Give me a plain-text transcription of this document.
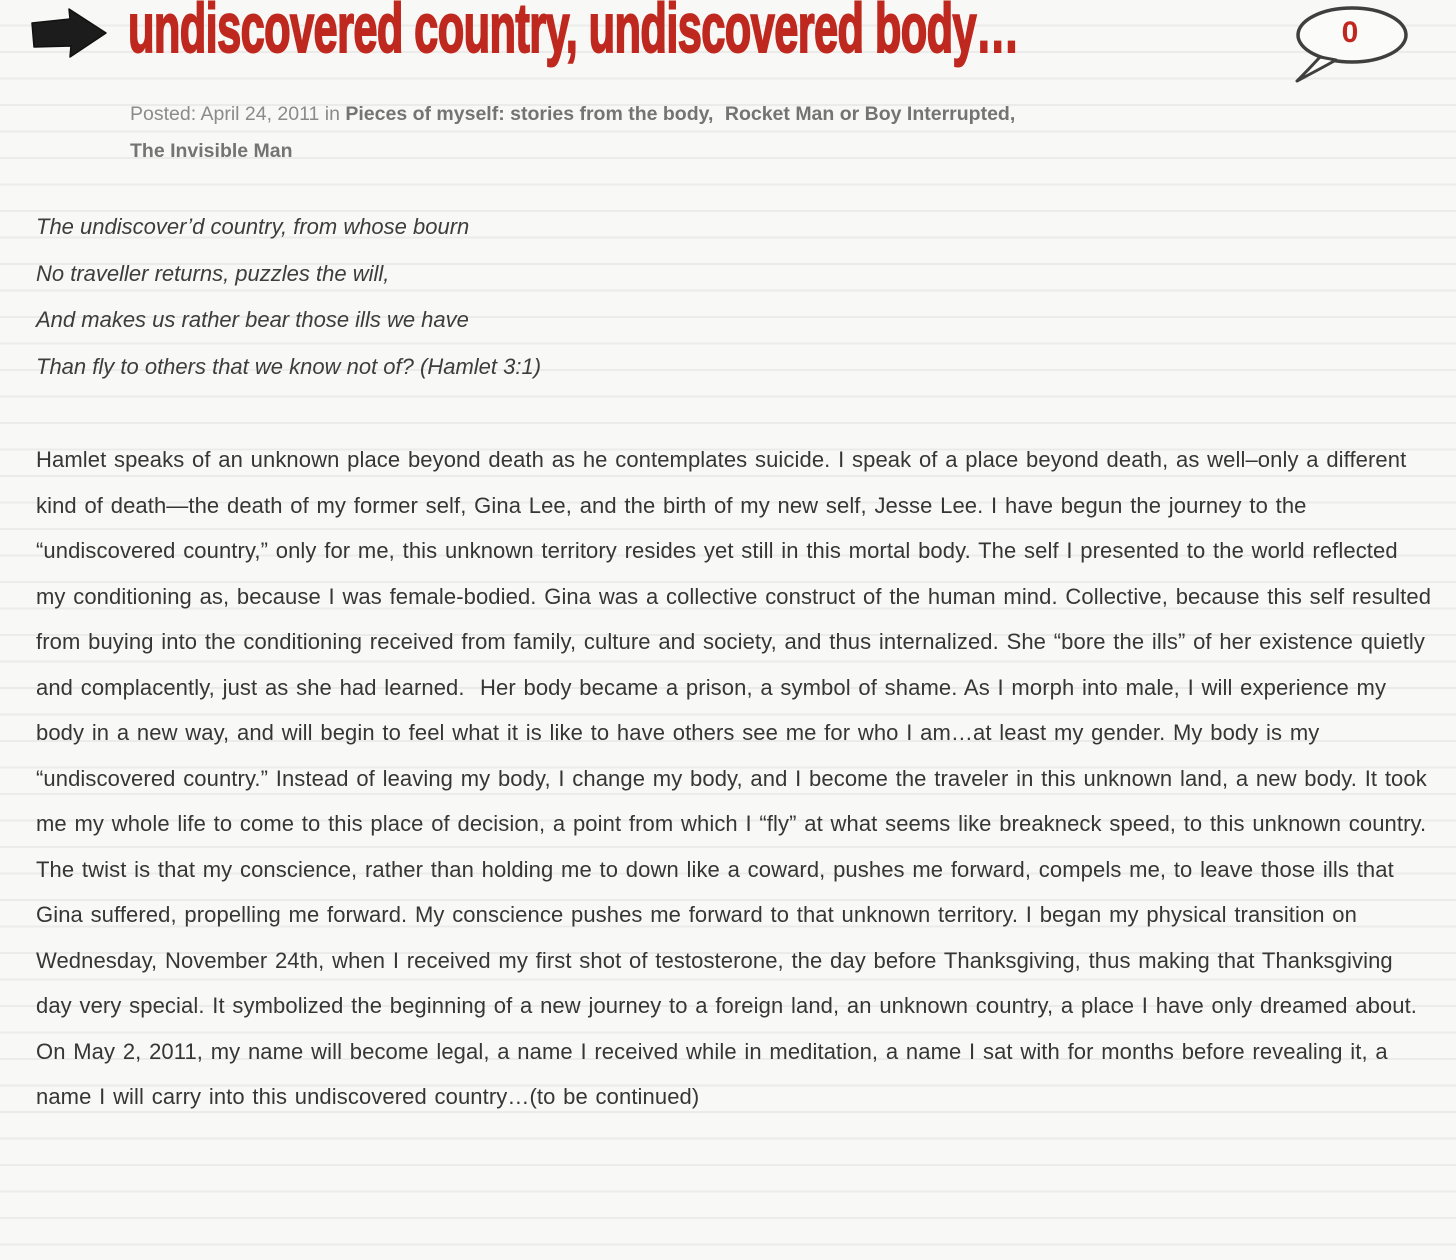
undiscovered country, undiscovered body…	0
Posted: April 24, 2011 in Pieces of myself: stories from the body, Rocket Man or Boy Interrupted,
The Invisible Man
The undiscover’d country, from whose bourn
No traveller returns, puzzles the will,
And makes us rather bear those ills we have
Than fly to others that we know not of? (Hamlet 3:1)
Hamlet speaks of an unknown place beyond death as he contemplates suicide. I speak of a place beyond death, as well–only a different kind of death—the death of my former self, Gina Lee, and the birth of my new self, Jesse Lee. I have begun the journey to the “undiscovered country,” only for me, this unknown territory resides yet still in this mortal body. The self I presented to the world reflected my conditioning as, because I was female-bodied. Gina was a collective construct of the human mind. Collective, because this self resulted from buying into the conditioning received from family, culture and society, and thus internalized. She “bore the ills” of her existence quietly and complacently, just as she had learned.  Her body became a prison, a symbol of shame. As I morph into male, I will experience my body in a new way, and will begin to feel what it is like to have others see me for who I am…at least my gender. My body is my “undiscovered country.” Instead of leaving my body, I change my body, and I become the traveler in this unknown land, a new body. It took me my whole life to come to this place of decision, a point from which I “fly” at what seems like breakneck speed, to this unknown country.  The twist is that my conscience, rather than holding me to down like a coward, pushes me forward, compels me, to leave those ills that Gina suffered, propelling me forward. My conscience pushes me forward to that unknown territory. I began my physical transition on Wednesday, November 24th, when I received my first shot of testosterone, the day before Thanksgiving, thus making that Thanksgiving day very special. It symbolized the beginning of a new journey to a foreign land, an unknown country, a place I have only dreamed about.  On May 2, 2011, my name will become legal, a name I received while in meditation, a name I sat with for months before revealing it, a name I will carry into this undiscovered country…(to be continued)
